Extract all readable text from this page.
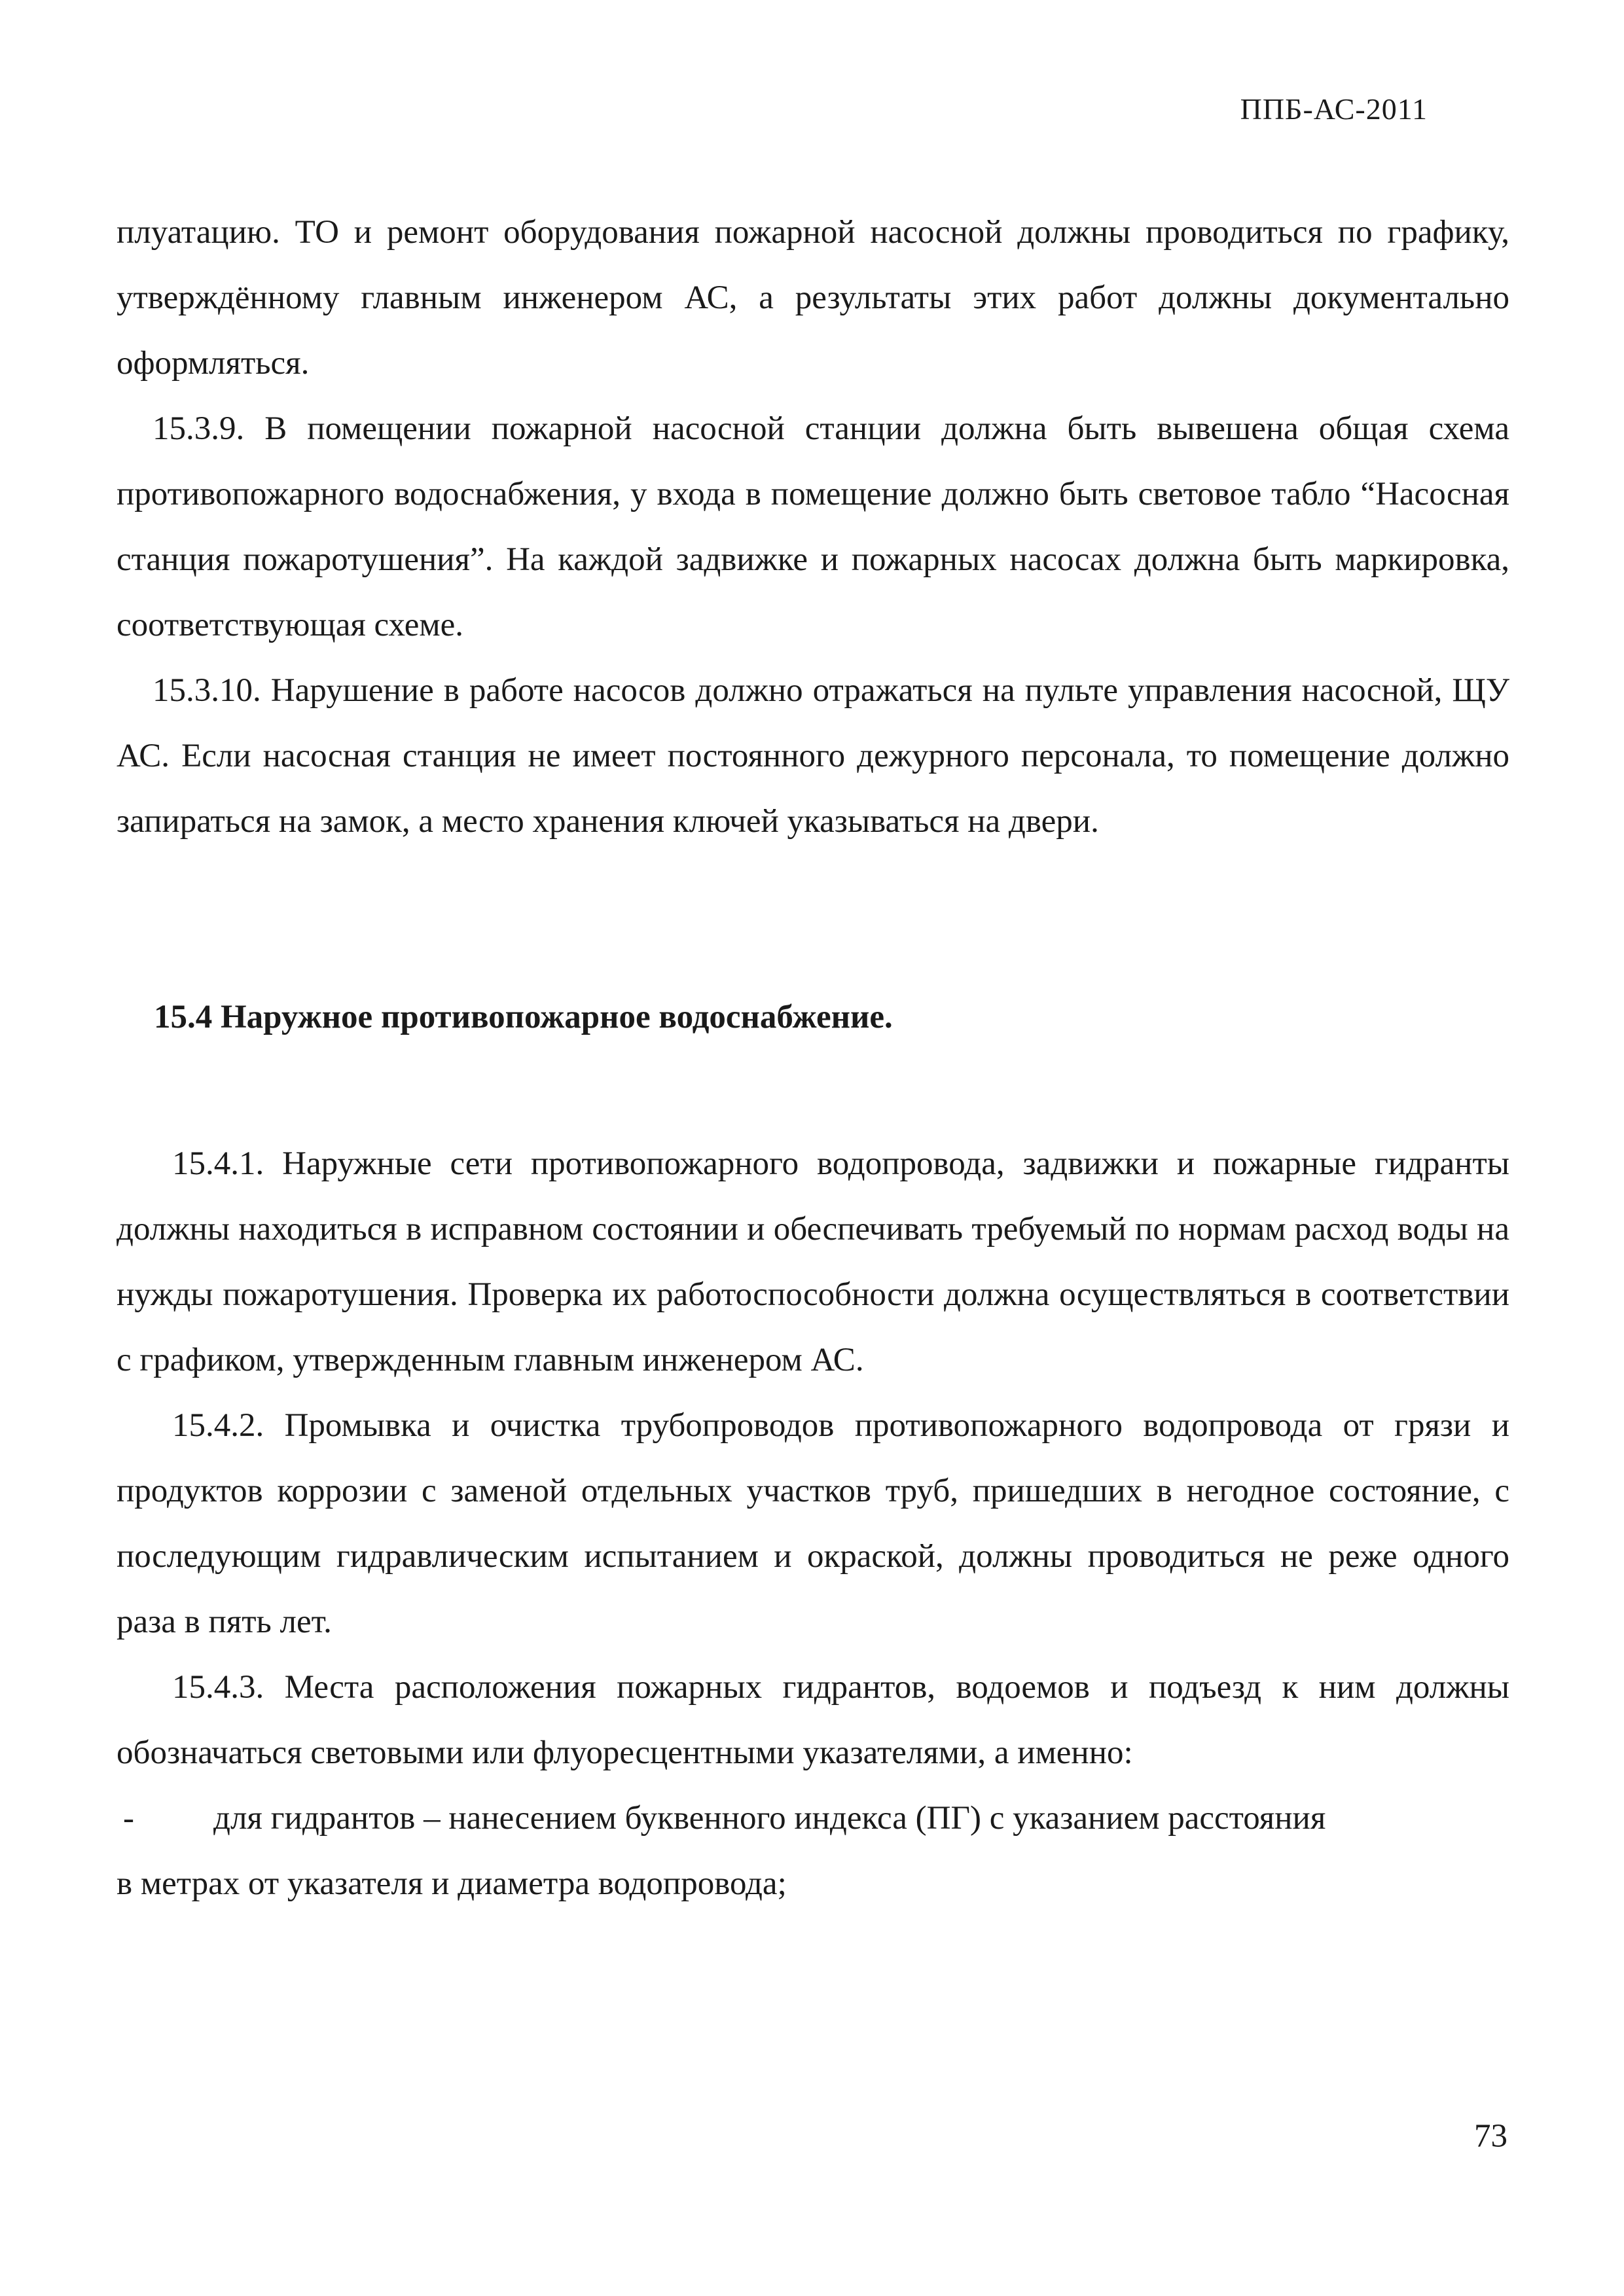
ППБ-АС-2011

плуатацию. ТО и ремонт оборудования пожарной насосной должны проводиться по графику, утверждённому главным инженером АС, а результаты этих работ должны документально оформляться.

15.3.9. В помещении пожарной насосной станции должна быть вывешена общая схема противопожарного водоснабжения, у входа в помещение должно быть световое табло “Насосная станция пожаротушения”. На каждой задвижке и пожарных насосах должна быть маркировка, соответствующая схеме.

15.3.10. Нарушение в работе насосов должно отражаться на пульте управления насосной, ЩУ АС. Если насосная станция не имеет постоянного дежурного персонала, то помещение должно запираться на замок, а место хранения ключей указываться на двери.

15.4 Наружное противопожарное водоснабжение.

15.4.1. Наружные сети противопожарного водопровода, задвижки и пожарные гидранты должны находиться в исправном состоянии и обеспечивать требуемый по нормам расход воды на нужды пожаротушения. Проверка их работоспособности должна осуществляться в соответствии с графиком, утвержденным главным инженером АС.

15.4.2. Промывка и очистка трубопроводов противопожарного водопровода от грязи и продуктов коррозии с заменой отдельных участков труб, пришедших в негодное состояние, с последующим гидравлическим испытанием и окраской, должны проводиться не реже одного раза в пять лет.

15.4.3. Места расположения пожарных гидрантов, водоемов и подъезд к ним должны обозначаться световыми или флуоресцентными указателями, а именно:

- для гидрантов – нанесением буквенного индекса (ПГ) с указанием расстояния

в метрах от указателя и диаметра водопровода;

73
